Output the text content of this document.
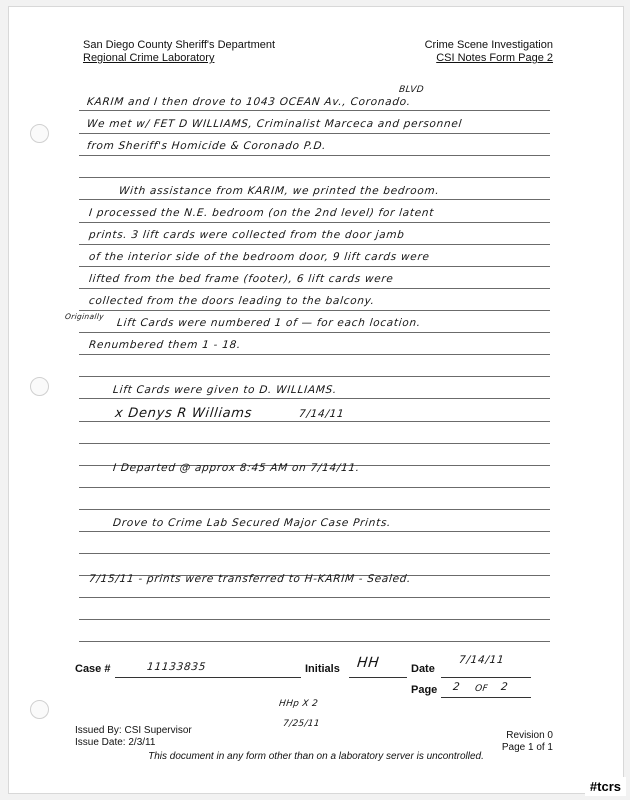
San Diego County Sheriff's Department
Regional Crime Laboratory
Crime Scene Investigation
CSI Notes Form Page 2
BLVD
KARIM and I then drove to 1043 OCEAN Av., Coronado.
We met w/ FET D WILLIAMS, Criminalist Marceca and personnel
from Sheriff's Homicide & Coronado P.D.
With assistance from KARIM, we printed the bedroom.
I processed the N.E. bedroom (on the 2nd level) for latent
prints. 3 lift cards were collected from the door jamb
of the interior side of the bedroom door, 9 lift cards were
lifted from the bed frame (footer), 6 lift cards were
collected from the doors leading to the balcony.
Originally
Lift Cards were numbered 1 of — for each location.
Renumbered them 1 - 18.
Lift Cards were given to D. WILLIAMS.
x Denys R Williams	7/14/11
I Departed @ approx 8:45 AM on 7/14/11.
Drove to Crime Lab Secured Major Case Prints.
7/15/11 - prints were transferred to H-KARIM - Sealed.
Case #	11133835	Initials HH	Date
7/14/11
Page 2 OF 2
HHp X 2
7/25/11
Issued By: CSI Supervisor
Issue Date: 2/3/11
Revision 0
Page 1 of 1
This document in any form other than on a laboratory server is uncontrolled.
#tcrs
